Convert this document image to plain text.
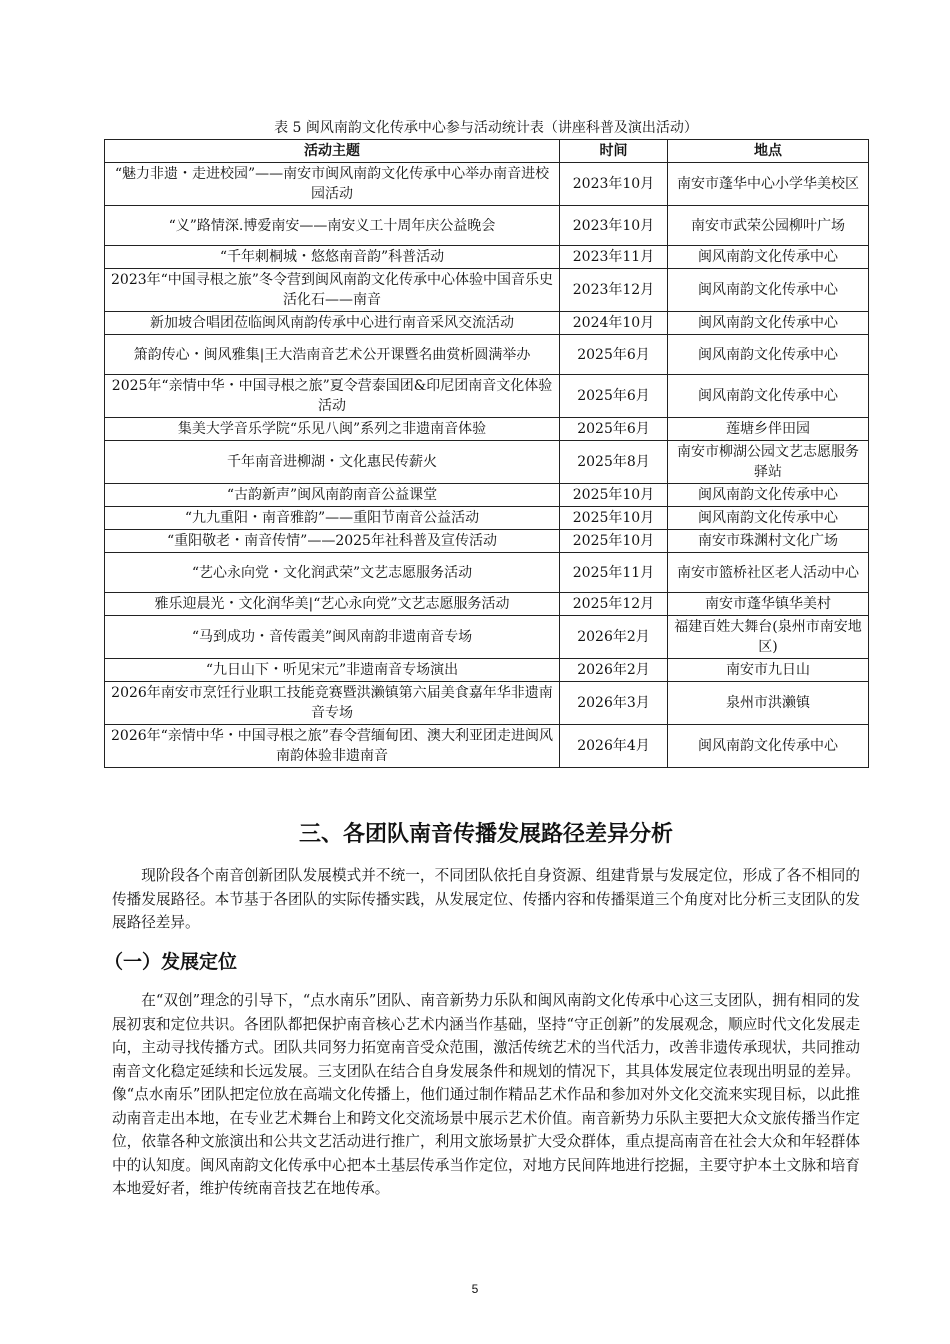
表 5 闽风南韵文化传承中心参与活动统计表（讲座科普及演出活动）
活动主题	时间	地点
“魅力非遗・走进校园”——南安市闽风南韵文化传承中心举办南音进校园活动	2023年10月	南安市蓬华中心小学华美校区
“义”路情深.博爱南安——南安义工十周年庆公益晚会	2023年10月	南安市武荣公园柳叶广场
“千年刺桐城・悠悠南音韵”科普活动	2023年11月	闽风南韵文化传承中心
2023年“中国寻根之旅”冬令营到闽风南韵文化传承中心体验中国音乐史活化石——南音	2023年12月	闽风南韵文化传承中心
新加坡合唱团莅临闽风南韵传承中心进行南音采风交流活动	2024年10月	闽风南韵文化传承中心
箫韵传心・闽风雅集|王大浩南音艺术公开课暨名曲赏析圆满举办	2025年6月	闽风南韵文化传承中心
2025年“亲情中华・中国寻根之旅”夏令营泰国团&印尼团南音文化体验活动	2025年6月	闽风南韵文化传承中心
集美大学音乐学院“乐见八闽”系列之非遗南音体验	2025年6月	莲塘乡伴田园
千年南音进柳湖・文化惠民传薪火	2025年8月	南安市柳湖公园文艺志愿服务驿站
“古韵新声”闽风南韵南音公益课堂	2025年10月	闽风南韵文化传承中心
“九九重阳・南音雅韵”——重阳节南音公益活动	2025年10月	闽风南韵文化传承中心
“重阳敬老・南音传情”——2025年社科普及宣传活动	2025年10月	南安市珠渊村文化广场
“艺心永向党・文化润武荣”文艺志愿服务活动	2025年11月	南安市篮桥社区老人活动中心
雅乐迎晨光・文化润华美|“艺心永向党”文艺志愿服务活动	2025年12月	南安市蓬华镇华美村
“马到成功・音传霞美”闽风南韵非遗南音专场	2026年2月	福建百姓大舞台(泉州市南安地区)
“九日山下・听见宋元”非遗南音专场演出	2026年2月	南安市九日山
2026年南安市烹饪行业职工技能竞赛暨洪濑镇第六届美食嘉年华非遗南音专场	2026年3月	泉州市洪濑镇
2026年“亲情中华・中国寻根之旅”春令营缅甸团、澳大利亚团走进闽风南韵体验非遗南音	2026年4月	闽风南韵文化传承中心
三、各团队南音传播发展路径差异分析

现阶段各个南音创新团队发展模式并不统一，不同团队依托自身资源、组建背景与发展定位，形成了各不相同的传播发展路径。本节基于各团队的实际传播实践，从发展定位、传播内容和传播渠道三个角度对比分析三支团队的发展路径差异。

（一）发展定位

在“双创”理念的引导下，“点水南乐”团队、南音新势力乐队和闽风南韵文化传承中心这三支团队，拥有相同的发展初衷和定位共识。各团队都把保护南音核心艺术内涵当作基础，坚持“守正创新”的发展观念，顺应时代文化发展走向，主动寻找传播方式。团队共同努力拓宽南音受众范围，激活传统艺术的当代活力，改善非遗传承现状，共同推动南音文化稳定延续和长远发展。三支团队在结合自身发展条件和规划的情况下，其具体发展定位表现出明显的差异。像“点水南乐”团队把定位放在高端文化传播上，他们通过制作精品艺术作品和参加对外文化交流来实现目标，以此推动南音走出本地，在专业艺术舞台上和跨文化交流场景中展示艺术价值。南音新势力乐队主要把大众文旅传播当作定位，依靠各种文旅演出和公共文艺活动进行推广，利用文旅场景扩大受众群体，重点提高南音在社会大众和年轻群体中的认知度。闽风南韵文化传承中心把本土基层传承当作定位，对地方民间阵地进行挖掘，主要守护本土文脉和培育本地爱好者，维护传统南音技艺在地传承。

5
